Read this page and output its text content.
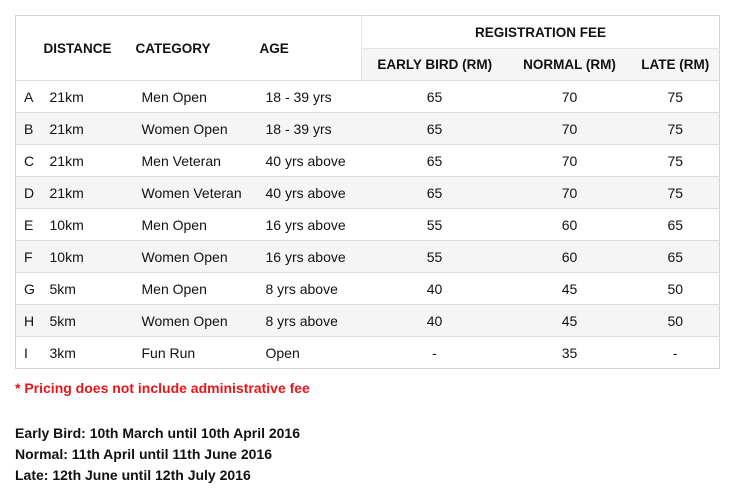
	DISTANCE	CATEGORY	AGE	REGISTRATION FEE		
				EARLY BIRD (RM)	NORMAL (RM)	LATE (RM)
A	21km	Men Open	18 - 39 yrs	65	70	75
B	21km	Women Open	18 - 39 yrs	65	70	75
C	21km	Men Veteran	40 yrs above	65	70	75
D	21km	Women Veteran	40 yrs above	65	70	75
E	10km	Men Open	16 yrs above	55	60	65
F	10km	Women Open	16 yrs above	55	60	65
G	5km	Men Open	8 yrs above	40	45	50
H	5km	Women Open	8 yrs above	40	45	50
I	3km	Fun Run	Open	-	35	-
* Pricing does not include administrative fee
Early Bird: 10th March until 10th April 2016
Normal: 11th April until 11th June 2016
Late: 12th June until 12th July 2016
